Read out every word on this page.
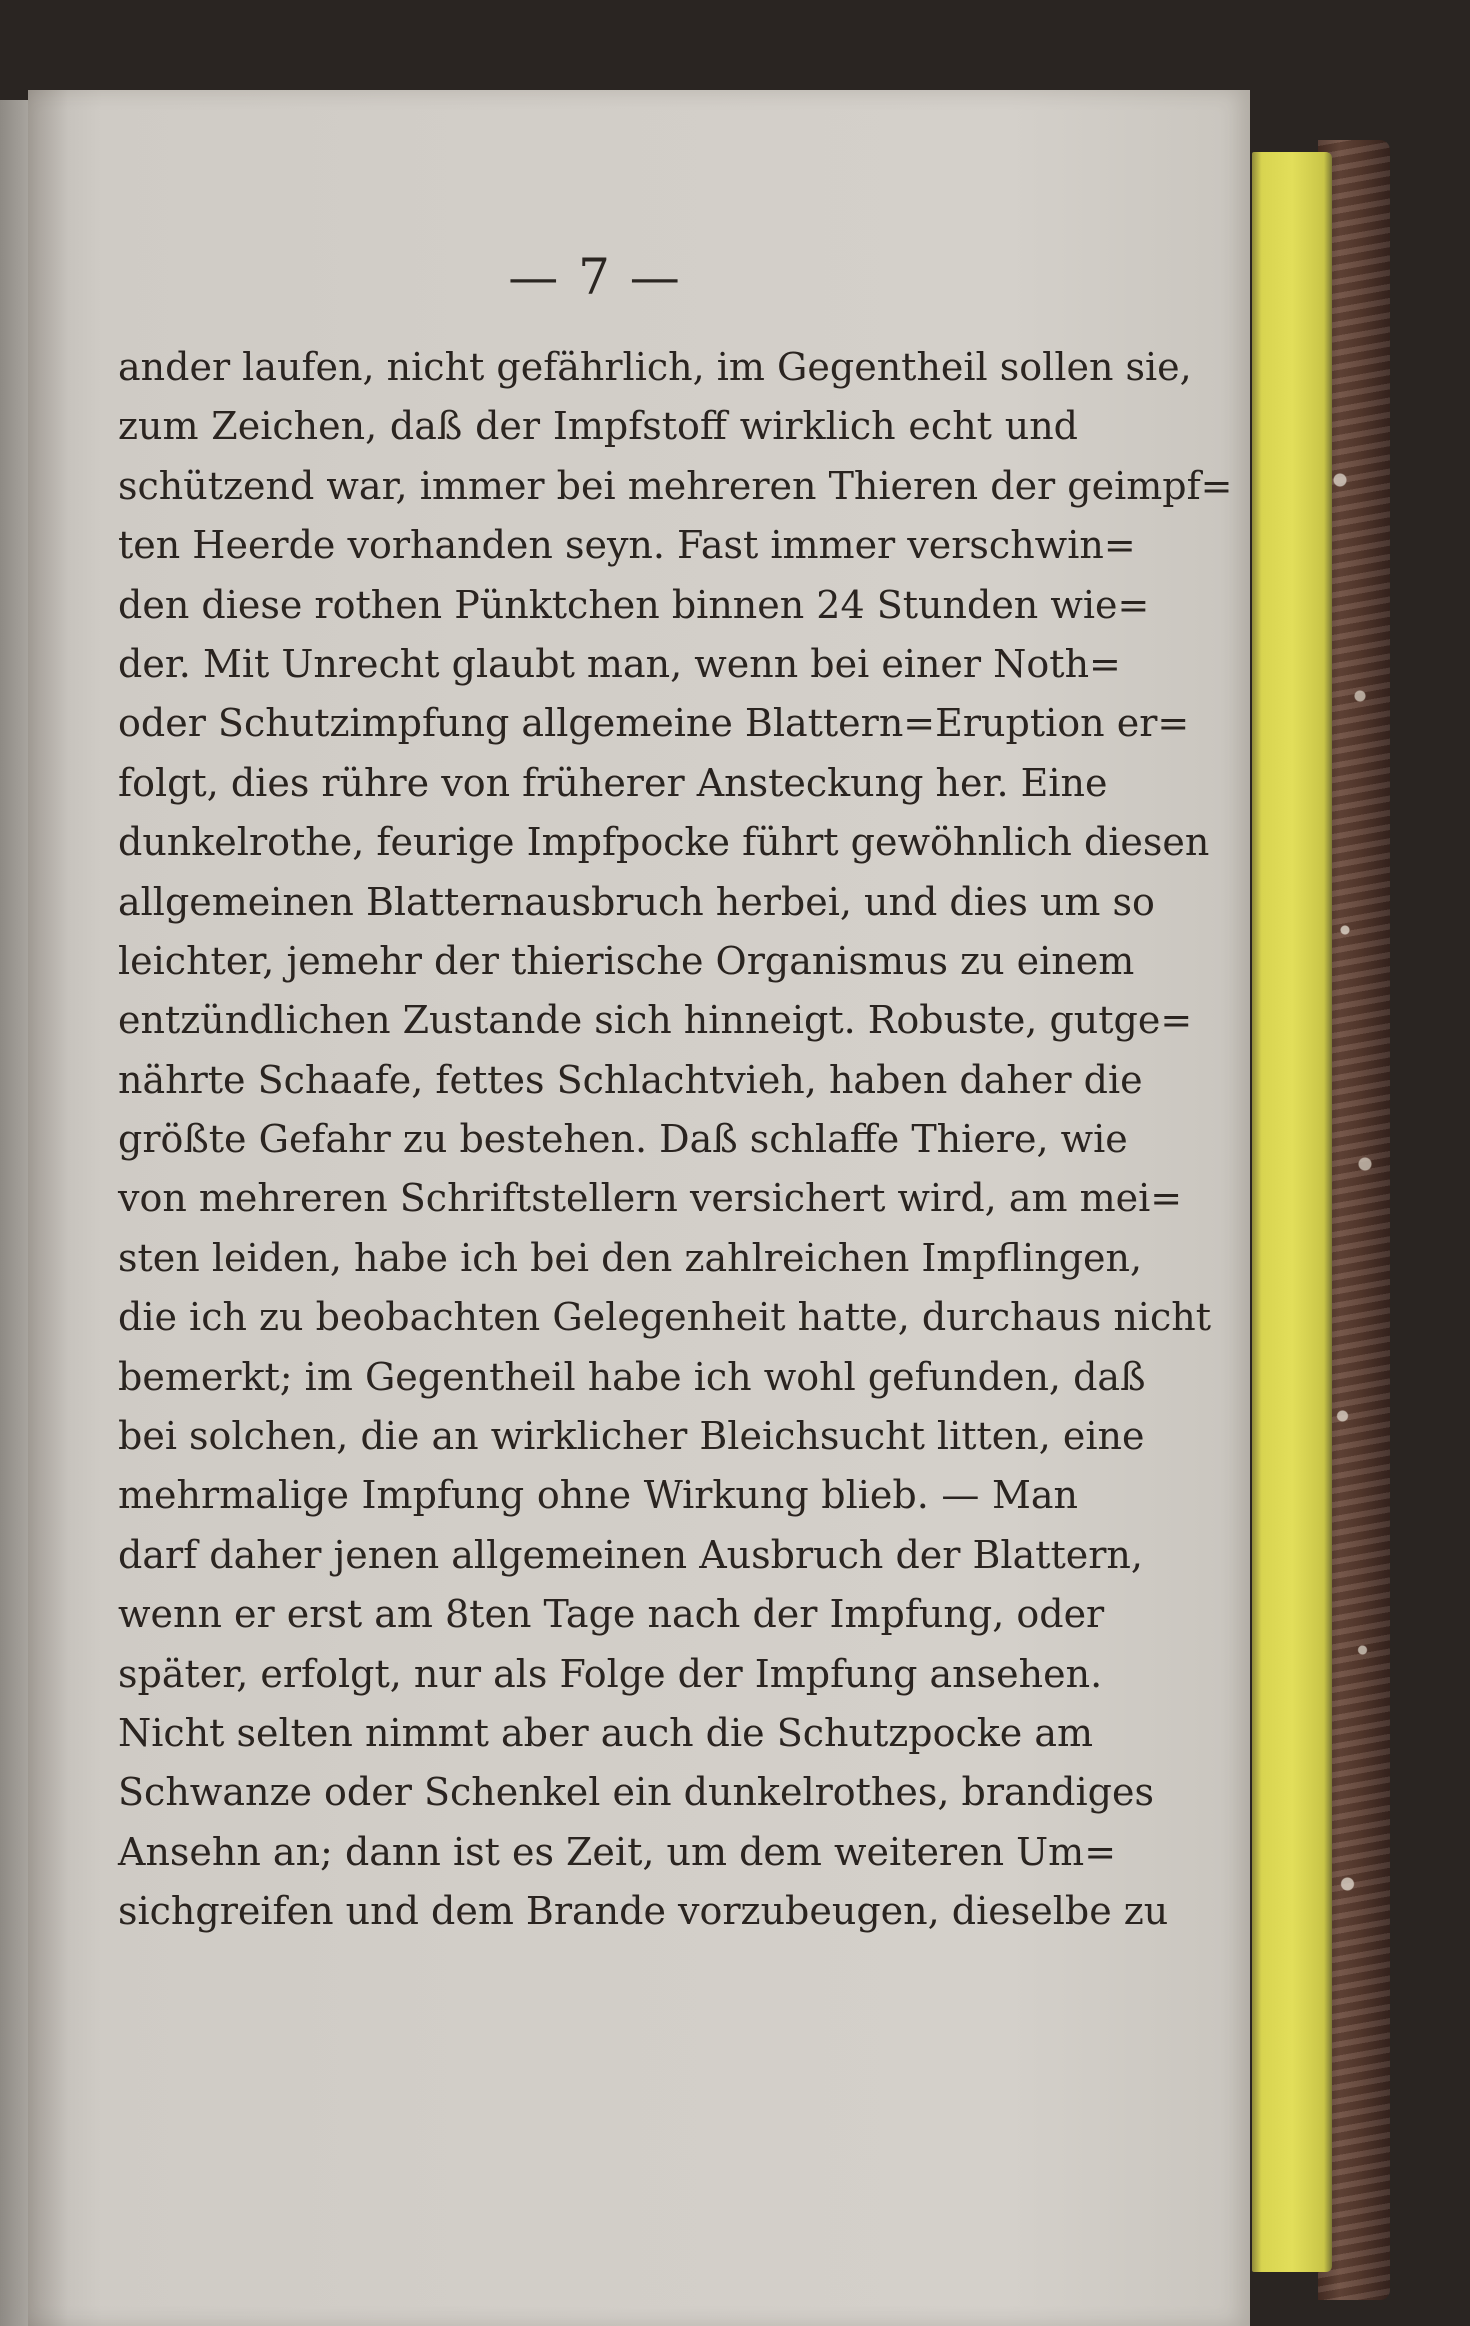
— 7 —
ander laufen, nicht gefährlich, im Gegentheil sollen sie,
zum Zeichen, daß der Impfstoff wirklich echt und
schützend war, immer bei mehreren Thieren der geimpf=
ten Heerde vorhanden seyn. Fast immer verschwin=
den diese rothen Pünktchen binnen 24 Stunden wie=
der. Mit Unrecht glaubt man, wenn bei einer Noth=
oder Schutzimpfung allgemeine Blattern=Eruption er=
folgt, dies rühre von früherer Ansteckung her. Eine
dunkelrothe, feurige Impfpocke führt gewöhnlich diesen
allgemeinen Blatternausbruch herbei, und dies um so
leichter, jemehr der thierische Organismus zu einem
entzündlichen Zustande sich hinneigt. Robuste, gutge=
nährte Schaafe, fettes Schlachtvieh, haben daher die
größte Gefahr zu bestehen. Daß schlaffe Thiere, wie
von mehreren Schriftstellern versichert wird, am mei=
sten leiden, habe ich bei den zahlreichen Impflingen,
die ich zu beobachten Gelegenheit hatte, durchaus nicht
bemerkt; im Gegentheil habe ich wohl gefunden, daß
bei solchen, die an wirklicher Bleichsucht litten, eine
mehrmalige Impfung ohne Wirkung blieb. — Man
darf daher jenen allgemeinen Ausbruch der Blattern,
wenn er erst am 8ten Tage nach der Impfung, oder
später, erfolgt, nur als Folge der Impfung ansehen.
Nicht selten nimmt aber auch die Schutzpocke am
Schwanze oder Schenkel ein dunkelrothes, brandiges
Ansehn an; dann ist es Zeit, um dem weiteren Um=
sichgreifen und dem Brande vorzubeugen, dieselbe zu
